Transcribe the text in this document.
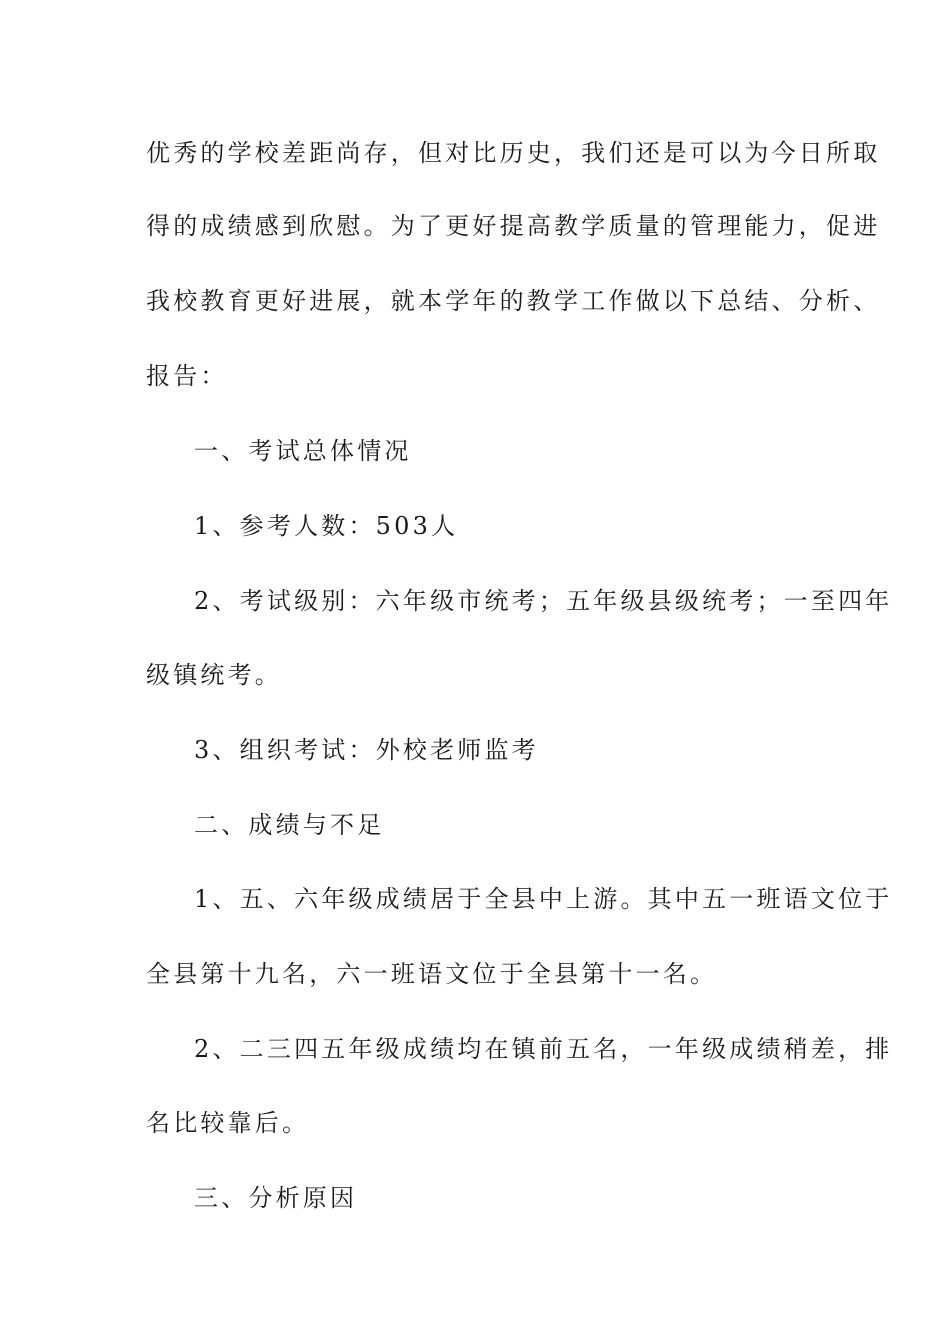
优秀的学校差距尚存，但对比历史，我们还是可以为今日所取
得的成绩感到欣慰。为了更好提高教学质量的管理能力，促进
我校教育更好进展，就本学年的教学工作做以下总结、分析、
报告：
一、考试总体情况
1、参考人数：503人
2、考试级别：六年级市统考；五年级县级统考；一至四年
级镇统考。
3、组织考试：外校老师监考
二、成绩与不足
1、五、六年级成绩居于全县中上游。其中五一班语文位于
全县第十九名，六一班语文位于全县第十一名。
2、二三四五年级成绩均在镇前五名，一年级成绩稍差，排
名比较靠后。
三、分析原因
